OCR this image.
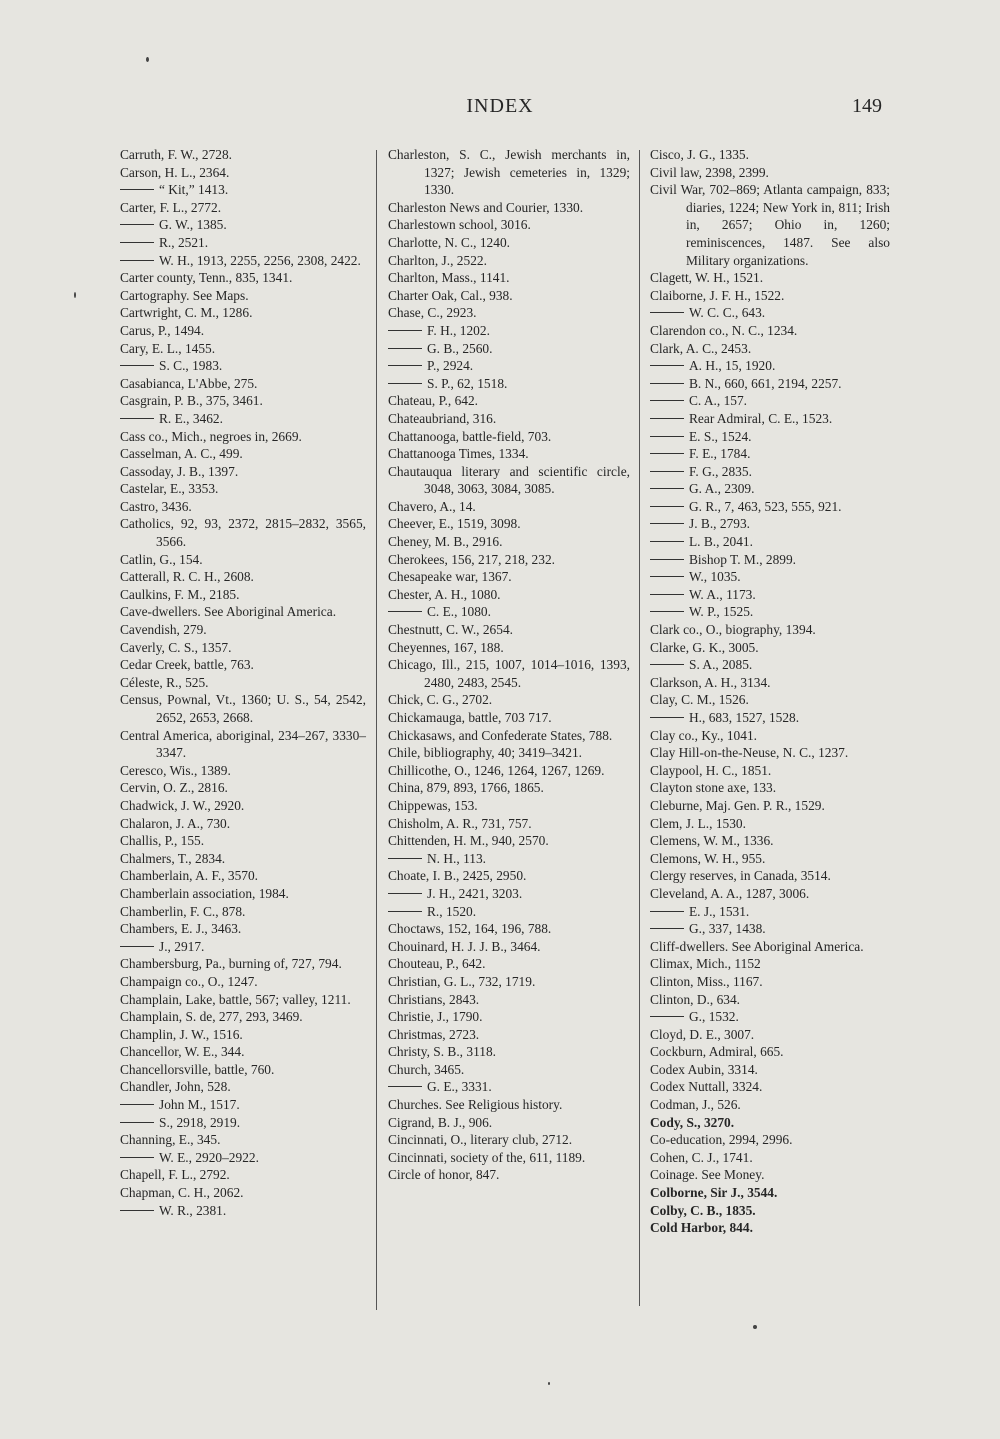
INDEX	149
Carruth, F. W., 2728.
Carson, H. L., 2364.
“ Kit,” 1413.
Carter, F. L., 2772.
G. W., 1385.
R., 2521.
W. H., 1913, 2255, 2256, 2308, 2422.
Carter county, Tenn., 835, 1341.
Cartography. See Maps.
Cartwright, C. M., 1286.
Carus, P., 1494.
Cary, E. L., 1455.
S. C., 1983.
Casabianca, L'Abbe, 275.
Casgrain, P. B., 375, 3461.
R. E., 3462.
Cass co., Mich., negroes in, 2669.
Casselman, A. C., 499.
Cassoday, J. B., 1397.
Castelar, E., 3353.
Castro, 3436.
Catholics, 92, 93, 2372, 2815–2832, 3565, 3566.
Catlin, G., 154.
Catterall, R. C. H., 2608.
Caulkins, F. M., 2185.
Cave-dwellers. See Aboriginal America.
Cavendish, 279.
Caverly, C. S., 1357.
Cedar Creek, battle, 763.
Céleste, R., 525.
Census, Pownal, Vt., 1360; U. S., 54, 2542, 2652, 2653, 2668.
Central America, aboriginal, 234–267, 3330–3347.
Ceresco, Wis., 1389.
Cervin, O. Z., 2816.
Chadwick, J. W., 2920.
Chalaron, J. A., 730.
Challis, P., 155.
Chalmers, T., 2834.
Chamberlain, A. F., 3570.
Chamberlain association, 1984.
Chamberlin, F. C., 878.
Chambers, E. J., 3463.
J., 2917.
Chambersburg, Pa., burning of, 727, 794.
Champaign co., O., 1247.
Champlain, Lake, battle, 567; valley, 1211.
Champlain, S. de, 277, 293, 3469.
Champlin, J. W., 1516.
Chancellor, W. E., 344.
Chancellorsville, battle, 760.
Chandler, John, 528.
John M., 1517.
S., 2918, 2919.
Channing, E., 345.
W. E., 2920–2922.
Chapell, F. L., 2792.
Chapman, C. H., 2062.
W. R., 2381.
Charleston, S. C., Jewish merchants in, 1327; Jewish cemeteries in, 1329; 1330.
Charleston News and Courier, 1330.
Charlestown school, 3016.
Charlotte, N. C., 1240.
Charlton, J., 2522.
Charlton, Mass., 1141.
Charter Oak, Cal., 938.
Chase, C., 2923.
F. H., 1202.
G. B., 2560.
P., 2924.
S. P., 62, 1518.
Chateau, P., 642.
Chateaubriand, 316.
Chattanooga, battle-field, 703.
Chattanooga Times, 1334.
Chautauqua literary and scientific circle, 3048, 3063, 3084, 3085.
Chavero, A., 14.
Cheever, E., 1519, 3098.
Cheney, M. B., 2916.
Cherokees, 156, 217, 218, 232.
Chesapeake war, 1367.
Chester, A. H., 1080.
C. E., 1080.
Chestnutt, C. W., 2654.
Cheyennes, 167, 188.
Chicago, Ill., 215, 1007, 1014–1016, 1393, 2480, 2483, 2545.
Chick, C. G., 2702.
Chickamauga, battle, 703 717.
Chickasaws, and Confederate States, 788.
Chile, bibliography, 40; 3419–3421.
Chillicothe, O., 1246, 1264, 1267, 1269.
China, 879, 893, 1766, 1865.
Chippewas, 153.
Chisholm, A. R., 731, 757.
Chittenden, H. M., 940, 2570.
N. H., 113.
Choate, I. B., 2425, 2950.
J. H., 2421, 3203.
R., 1520.
Choctaws, 152, 164, 196, 788.
Chouinard, H. J. J. B., 3464.
Chouteau, P., 642.
Christian, G. L., 732, 1719.
Christians, 2843.
Christie, J., 1790.
Christmas, 2723.
Christy, S. B., 3118.
Church, 3465.
G. E., 3331.
Churches. See Religious history.
Cigrand, B. J., 906.
Cincinnati, O., literary club, 2712.
Cincinnati, society of the, 611, 1189.
Circle of honor, 847.
Cisco, J. G., 1335.
Civil law, 2398, 2399.
Civil War, 702–869; Atlanta campaign, 833; diaries, 1224; New York in, 811; Irish in, 2657; Ohio in, 1260; reminiscences, 1487. See also Military organizations.
Clagett, W. H., 1521.
Claiborne, J. F. H., 1522.
W. C. C., 643.
Clarendon co., N. C., 1234.
Clark, A. C., 2453.
A. H., 15, 1920.
B. N., 660, 661, 2194, 2257.
C. A., 157.
Rear Admiral, C. E., 1523.
E. S., 1524.
F. E., 1784.
F. G., 2835.
G. A., 2309.
G. R., 7, 463, 523, 555, 921.
J. B., 2793.
L. B., 2041.
Bishop T. M., 2899.
W., 1035.
W. A., 1173.
W. P., 1525.
Clark co., O., biography, 1394.
Clarke, G. K., 3005.
S. A., 2085.
Clarkson, A. H., 3134.
Clay, C. M., 1526.
H., 683, 1527, 1528.
Clay co., Ky., 1041.
Clay Hill-on-the-Neuse, N. C., 1237.
Claypool, H. C., 1851.
Clayton stone axe, 133.
Cleburne, Maj. Gen. P. R., 1529.
Clem, J. L., 1530.
Clemens, W. M., 1336.
Clemons, W. H., 955.
Clergy reserves, in Canada, 3514.
Cleveland, A. A., 1287, 3006.
E. J., 1531.
G., 337, 1438.
Cliff-dwellers. See Aboriginal America.
Climax, Mich., 1152
Clinton, Miss., 1167.
Clinton, D., 634.
G., 1532.
Cloyd, D. E., 3007.
Cockburn, Admiral, 665.
Codex Aubin, 3314.
Codex Nuttall, 3324.
Codman, J., 526.
Cody, S., 3270.
Co-education, 2994, 2996.
Cohen, C. J., 1741.
Coinage. See Money.
Colborne, Sir J., 3544.
Colby, C. B., 1835.
Cold Harbor, 844.
